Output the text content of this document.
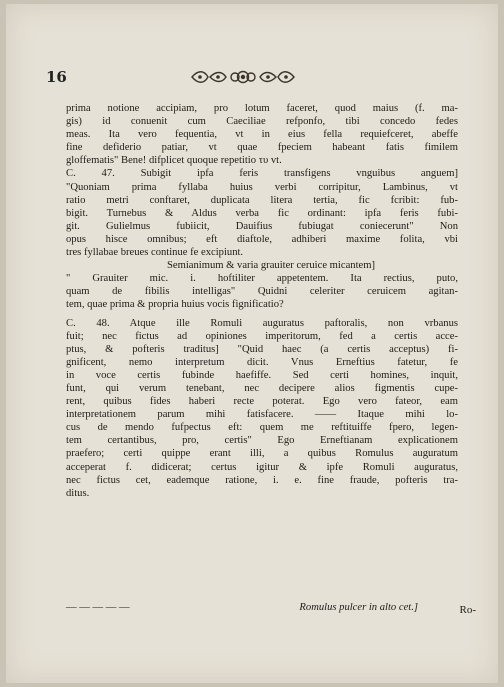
16
prima notione accipiam, pro lotum faceret, quod maius (f. ma-
gis) id conuenit cum Caeciliae refponfo, tibi concedo fedes
meas. Ita vero fequentia, vt in eius fella requiefceret, abeffe
fine defiderio patiar, vt quae fpeciem habeant fatis fimilem
gloffematis" Bene! difplicet quoque repetitio τυ vt.
C. 47. Subigit ipfa feris transfigens vnguibus anguem]
"Quoniam prima fyllaba huius verbi corripitur, Lambinus, vt
ratio metri conftaret, duplicata litera tertia, fic fcribit: fub-
bigit. Turnebus & Aldus verba fic ordinant: ipfa feris fubi-
git. Gulielmus fubiicit, Dauifius fubiugat coniecerunt" Non
opus hisce omnibus; eft diaftole, adhiberi maxime folita, vbi
tres fyllabae breues continue fe excipiunt.
Semianimum & varia grauiter ceruice micantem]
" Grauiter mic. i. hoftiliter appetentem. Ita rectius, puto,
quam de fibilis intelligas" Quidni celeriter ceruicem agitan-
tem, quae prima & propria huius vocis fignificatio?
C. 48. Atque ille Romuli auguratus paftoralis, non vrbanus
fuit; nec fictus ad opiniones imperitorum, fed a certis acce-
ptus, & pofteris traditus] "Quid haec (a certis acceptus) fi-
gnificent, nemo interpretum dicit. Vnus Erneftius fatetur, fe
in voce certis fubinde haefiffe. Sed certi homines, inquit,
funt, qui verum tenebant, nec decipere alios figmentis cupe-
rent, quibus fides haberi recte poterat. Ego vero fateor, eam
interpretationem parum mihi fatisfacere. —— Itaque mihi lo-
cus de mendo fufpectus eft: quem me reftituiffe fpero, legen-
tem certantibus, pro, certis" Ego Erneftianam explicationem
praefero; certi quippe erant illi, a quibus Romulus auguratum
acceperat f. didicerat; certus igitur & ipfe Romuli auguratus,
nec fictus cet, eademque ratione, i. e. fine fraude, pofteris tra-
ditus.
— — — — —	Romulus pulcer in alto cet.]	Ro-
